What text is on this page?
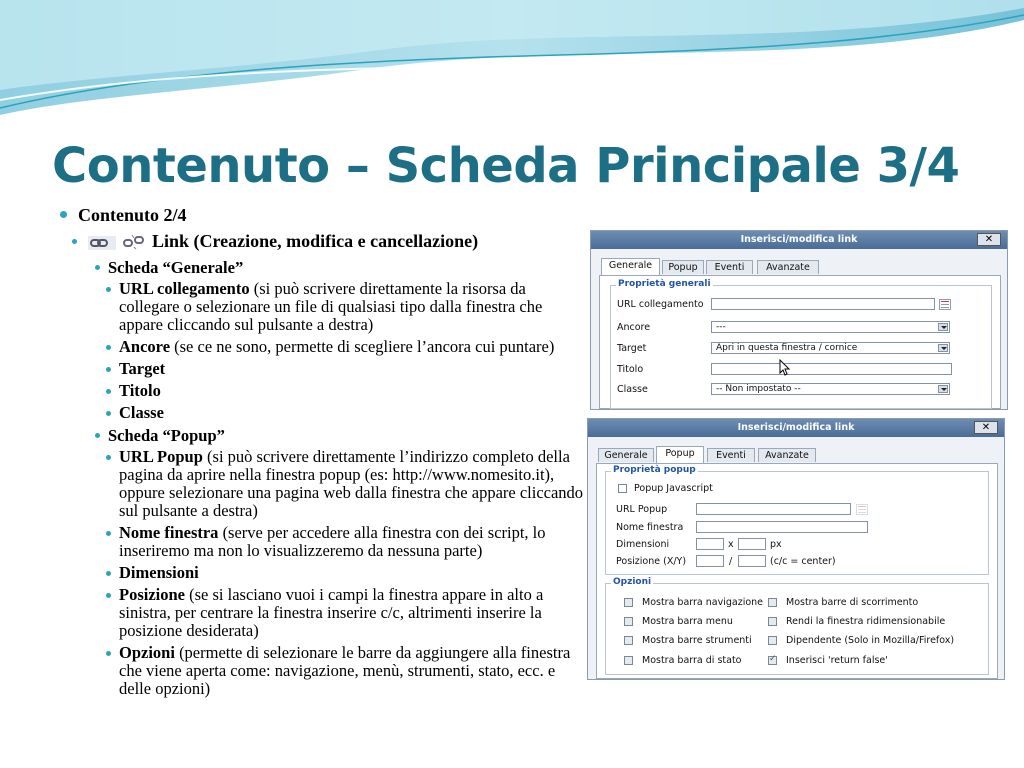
Contenuto – Scheda Principale 3/4
Contenuto 2/4
Link (Creazione, modifica e cancellazione)
Scheda “Generale”
URL collegamento (si può scrivere direttamente la risorsa da collegare o selezionare un file di qualsiasi tipo dalla finestra che appare cliccando sul pulsante a destra)
Ancore (se ce ne sono, permette di scegliere l’ancora cui puntare)
Target
Titolo
Classe
Scheda “Popup”
URL Popup (si può scrivere direttamente l’indirizzo completo della pagina da aprire nella finestra popup (es: http://www.nomesito.it), oppure selezionare una pagina web dalla finestra che appare cliccando sul pulsante a destra)
Nome finestra (serve per accedere alla finestra con dei script, lo inseriremo ma non lo visualizzeremo da nessuna parte)
Dimensioni
Posizione (se si lasciano vuoi i campi la finestra appare in alto a sinistra, per centrare la finestra inserire c/c, altrimenti inserire la posizione desiderata)
Opzioni (permette di selezionare le barre da aggiungere alla finestra che viene aperta come: navigazione, menù, strumenti, stato, ecc. e delle opzioni)
Inserisci/modifica link	✕
Generale	Popup	Eventi	Avanzate
Proprietà generali
URL collegamento
Ancore	---
Target	Apri in questa finestra / cornice
Titolo
Classe	-- Non impostato --
Inserisci/modifica link	✕
Generale	Popup	Eventi	Avanzate
Proprietà popup
Popup Javascript
URL Popup
Nome finestra
Dimensioni	x	px
Posizione (X/Y)	/	(c/c = center)
Opzioni
Mostra barra navigazione Mostra barre di scorrimento
Mostra barra menu	Rendi la finestra ridimensionabile
Mostra barre strumenti	Dipendente (Solo in Mozilla/Firefox)
Mostra barra di stato
✓	Inserisci 'return false'
